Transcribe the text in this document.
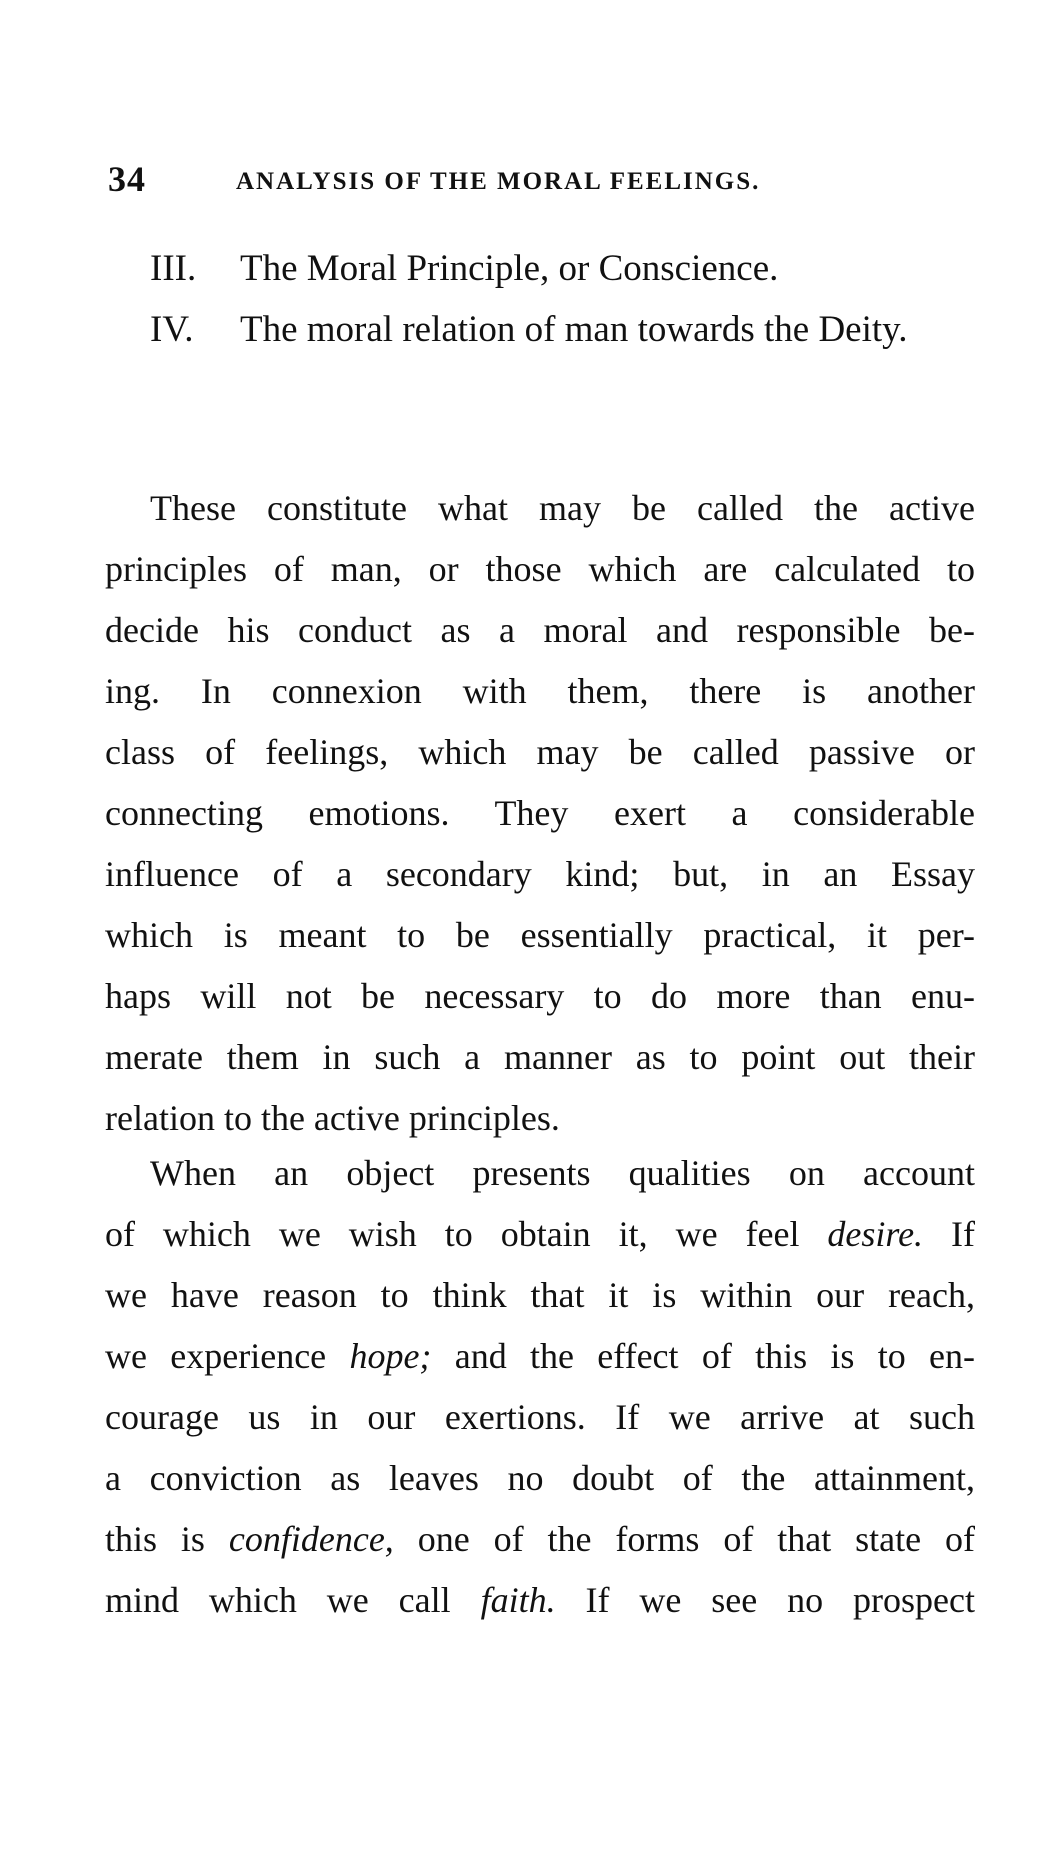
34	ANALYSIS OF THE MORAL FEELINGS.
III.	The Moral Principle, or Conscience.
IV.	The moral relation of man towards the Deity.
These constitute what may be called the active
principles of man, or those which are calculated to
decide his conduct as a moral and responsible be-
ing. In connexion with them, there is another
class of feelings, which may be called passive or
connecting emotions. They exert a considerable
influence of a secondary kind; but, in an Essay
which is meant to be essentially practical, it per-
haps will not be necessary to do more than enu-
merate them in such a manner as to point out their
relation to the active principles.
When an object presents qualities on account
of which we wish to obtain it, we feel desire. If
we have reason to think that it is within our reach,
we experience hope; and the effect of this is to en-
courage us in our exertions. If we arrive at such
a conviction as leaves no doubt of the attainment,
this is confidence, one of the forms of that state of
mind which we call faith. If we see no prospect
